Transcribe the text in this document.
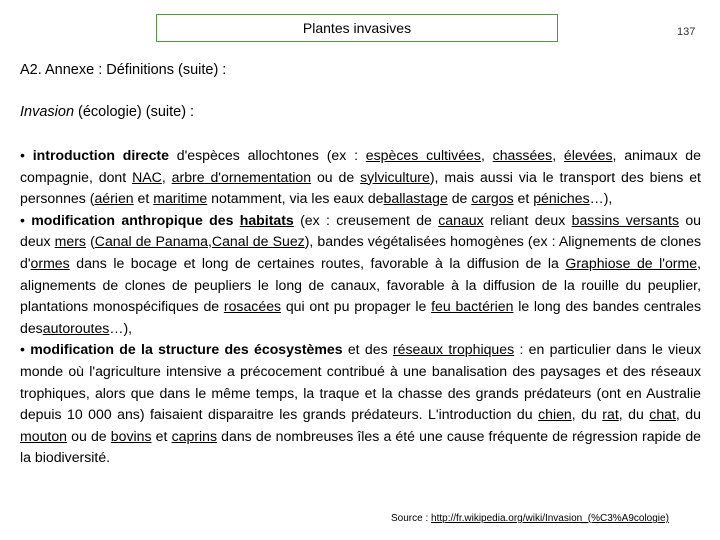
Plantes invasives	137
A2. Annexe : Définitions (suite) :
Invasion (écologie) (suite) :

• introduction directe d'espèces allochtones (ex : espèces cultivées, chassées, élevées, animaux de compagnie, dont NAC, arbre d'ornementation ou de sylviculture), mais aussi via le transport des biens et personnes (aérien et maritime notamment, via les eaux deballastage de cargos et péniches…),

• modification anthropique des habitats (ex : creusement de canaux reliant deux bassins versants ou deux mers (Canal de Panama,Canal de Suez), bandes végétalisées homogènes (ex : Alignements de clones d'ormes dans le bocage et long de certaines routes, favorable à la diffusion de la Graphiose de l'orme, alignements de clones de peupliers le long de canaux, favorable à la diffusion de la rouille du peuplier, plantations monospécifiques de rosacées qui ont pu propager le feu bactérien le long des bandes centrales desautoroutes…),

• modification de la structure des écosystèmes et des réseaux trophiques : en particulier dans le vieux monde où l'agriculture intensive a précocement contribué à une banalisation des paysages et des réseaux trophiques, alors que dans le même temps, la traque et la chasse des grands prédateurs (ont en Australie depuis 10 000 ans) faisaient disparaitre les grands prédateurs. L'introduction du chien, du rat, du chat, du mouton ou de bovins et caprins dans de nombreuses îles a été une cause fréquente de régression rapide de la biodiversité.

Source : http://fr.wikipedia.org/wiki/Invasion_(%C3%A9cologie)
